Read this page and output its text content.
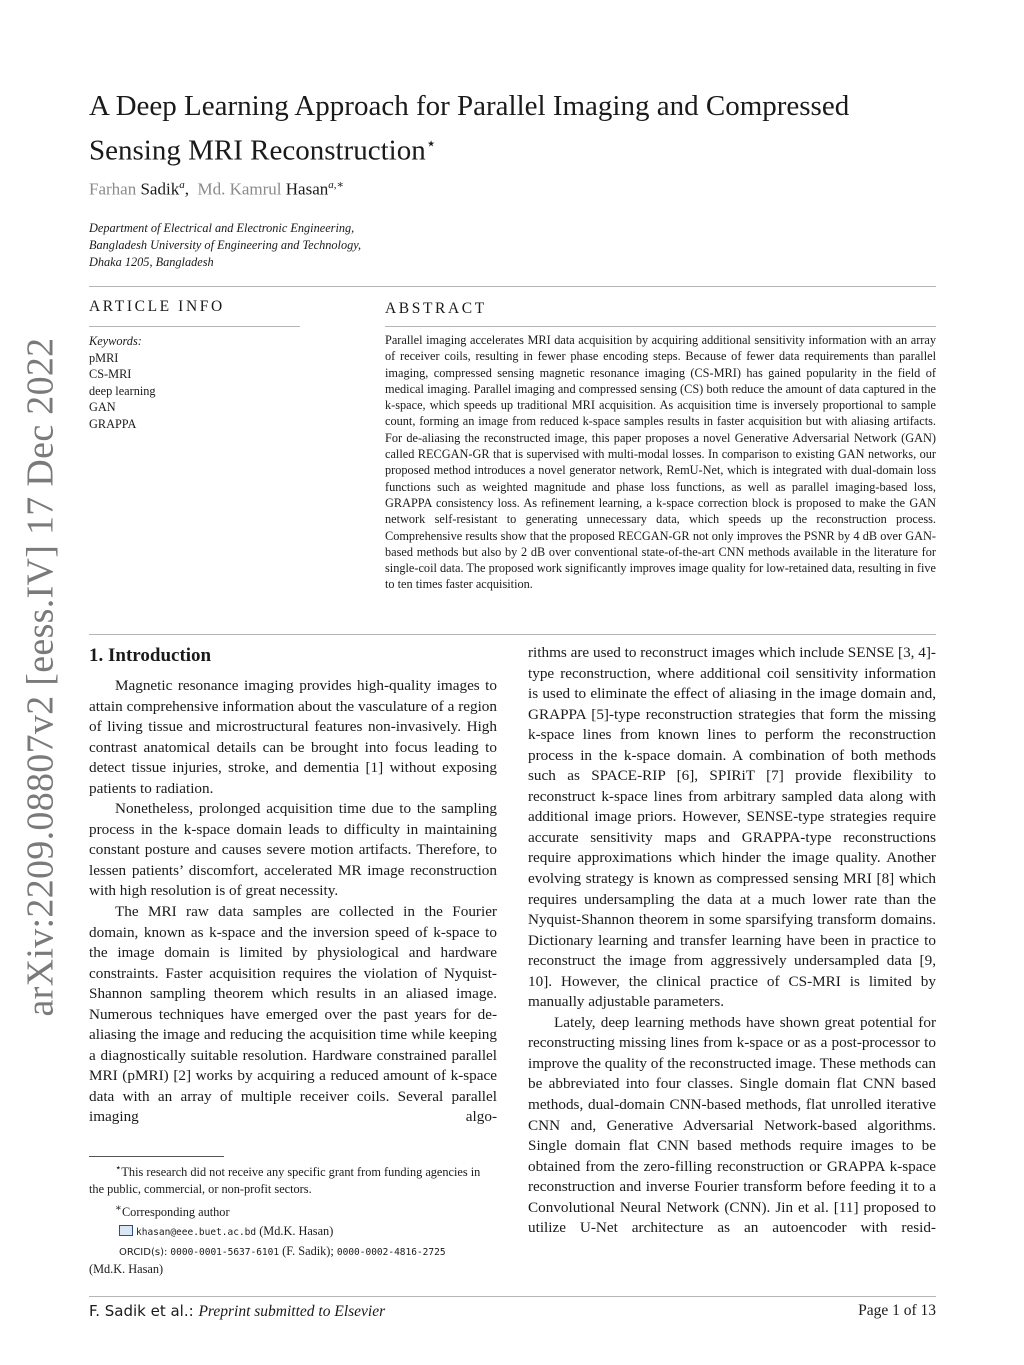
arXiv:2209.08807v2 [eess.IV] 17 Dec 2022
A Deep Learning Approach for Parallel Imaging and Compressed
Sensing MRI Reconstruction⋆
Farhan Sadik$^a$,  Md. Kamrul Hasan$^{a,∗}$
Department of Electrical and Electronic Engineering,
Bangladesh University of Engineering and Technology,
Dhaka 1205, Bangladesh
ARTICLE INFO
Keywords:
pMRI
CS-MRI
deep learning
GAN
GRAPPA
ABSTRACT
Parallel imaging accelerates MRI data acquisition by acquiring additional sensitivity information with an array of receiver coils, resulting in fewer phase encoding steps. Because of fewer data requirements than parallel imaging, compressed sensing magnetic resonance imaging (CS-MRI) has gained popularity in the field of medical imaging. Parallel imaging and compressed sensing (CS) both reduce the amount of data captured in the k-space, which speeds up traditional MRI acquisition. As acquisition time is inversely proportional to sample count, forming an image from reduced k-space samples results in faster acquisition but with aliasing artifacts. For de-aliasing the reconstructed image, this paper proposes a novel Generative Adversarial Network (GAN) called RECGAN-GR that is supervised with multi-modal losses. In comparison to existing GAN networks, our proposed method introduces a novel generator network, RemU-Net, which is integrated with dual-domain loss functions such as weighted magnitude and phase loss functions, as well as parallel imaging-based loss, GRAPPA consistency loss. As refinement learning, a k-space correction block is proposed to make the GAN network self-resistant to generating unnecessary data, which speeds up the reconstruction process. Comprehensive results show that the proposed RECGAN-GR not only improves the PSNR by 4 dB over GAN-based methods but also by 2 dB over conventional state-of-the-art CNN methods available in the literature for single-coil data. The proposed work significantly improves image quality for low-retained data, resulting in five to ten times faster acquisition.
1. Introduction

Magnetic resonance imaging provides high-quality images to attain comprehensive information about the vasculature of a region of living tissue and microstructural features non-invasively. High contrast anatomical details can be brought into focus leading to detect tissue injuries, stroke, and dementia [1] without exposing patients to radiation.

Nonetheless, prolonged acquisition time due to the sampling process in the k-space domain leads to difficulty in maintaining constant posture and causes severe motion artifacts. Therefore, to lessen patients’ discomfort, accelerated MR image reconstruction with high resolution is of great necessity.

The MRI raw data samples are collected in the Fourier domain, known as k-space and the inversion speed of k-space to the image domain is limited by physiological and hardware constraints. Faster acquisition requires the violation of Nyquist-Shannon sampling theorem which results in an aliased image. Numerous techniques have emerged over the past years for de-aliasing the image and reducing the acquisition time while keeping a diagnostically suitable resolution. Hardware constrained parallel MRI (pMRI) [2] works by acquiring a reduced amount of k-space data with an array of multiple receiver coils. Several parallel imaging algo-

rithms are used to reconstruct images which include SENSE [3, 4]-type reconstruction, where additional coil sensitivity information is used to eliminate the effect of aliasing in the image domain and, GRAPPA [5]-type reconstruction strategies that form the missing k-space lines from known lines to perform the reconstruction process in the k-space domain. A combination of both methods such as SPACE-RIP [6], SPIRiT [7] provide flexibility to reconstruct k-space lines from arbitrary sampled data along with additional image priors. However, SENSE-type strategies require accurate sensitivity maps and GRAPPA-type reconstructions require approximations which hinder the image quality. Another evolving strategy is known as compressed sensing MRI [8] which requires undersampling the data at a much lower rate than the Nyquist-Shannon theorem in some sparsifying transform domains. Dictionary learning and transfer learning have been in practice to reconstruct the image from aggressively undersampled data [9, 10]. However, the clinical practice of CS-MRI is limited by manually adjustable parameters.

Lately, deep learning methods have shown great potential for reconstructing missing lines from k-space or as a post-processor to improve the quality of the reconstructed image. These methods can be abbreviated into four classes. Single domain flat CNN based methods, dual-domain CNN-based methods, flat unrolled iterative CNN and, Generative Adversarial Network-based algorithms. Single domain flat CNN based methods require images to be obtained from the zero-filling reconstruction or GRAPPA k-space reconstruction and inverse Fourier transform before feeding it to a Convolutional Neural Network (CNN). Jin et al. [11] proposed to utilize U-Net architecture as an autoencoder with resid-

⋆This research did not receive any specific grant from funding agencies in the public, commercial, or non-profit sectors.

∗Corresponding author

khasan@eee.buet.ac.bd (Md.K. Hasan)

ORCID(s): 0000-0001-5637-6101 (F. Sadik); 0000-0002-4816-2725

(Md.K. Hasan)

F. Sadik et al.: Preprint submitted to Elsevier	Page 1 of 13
